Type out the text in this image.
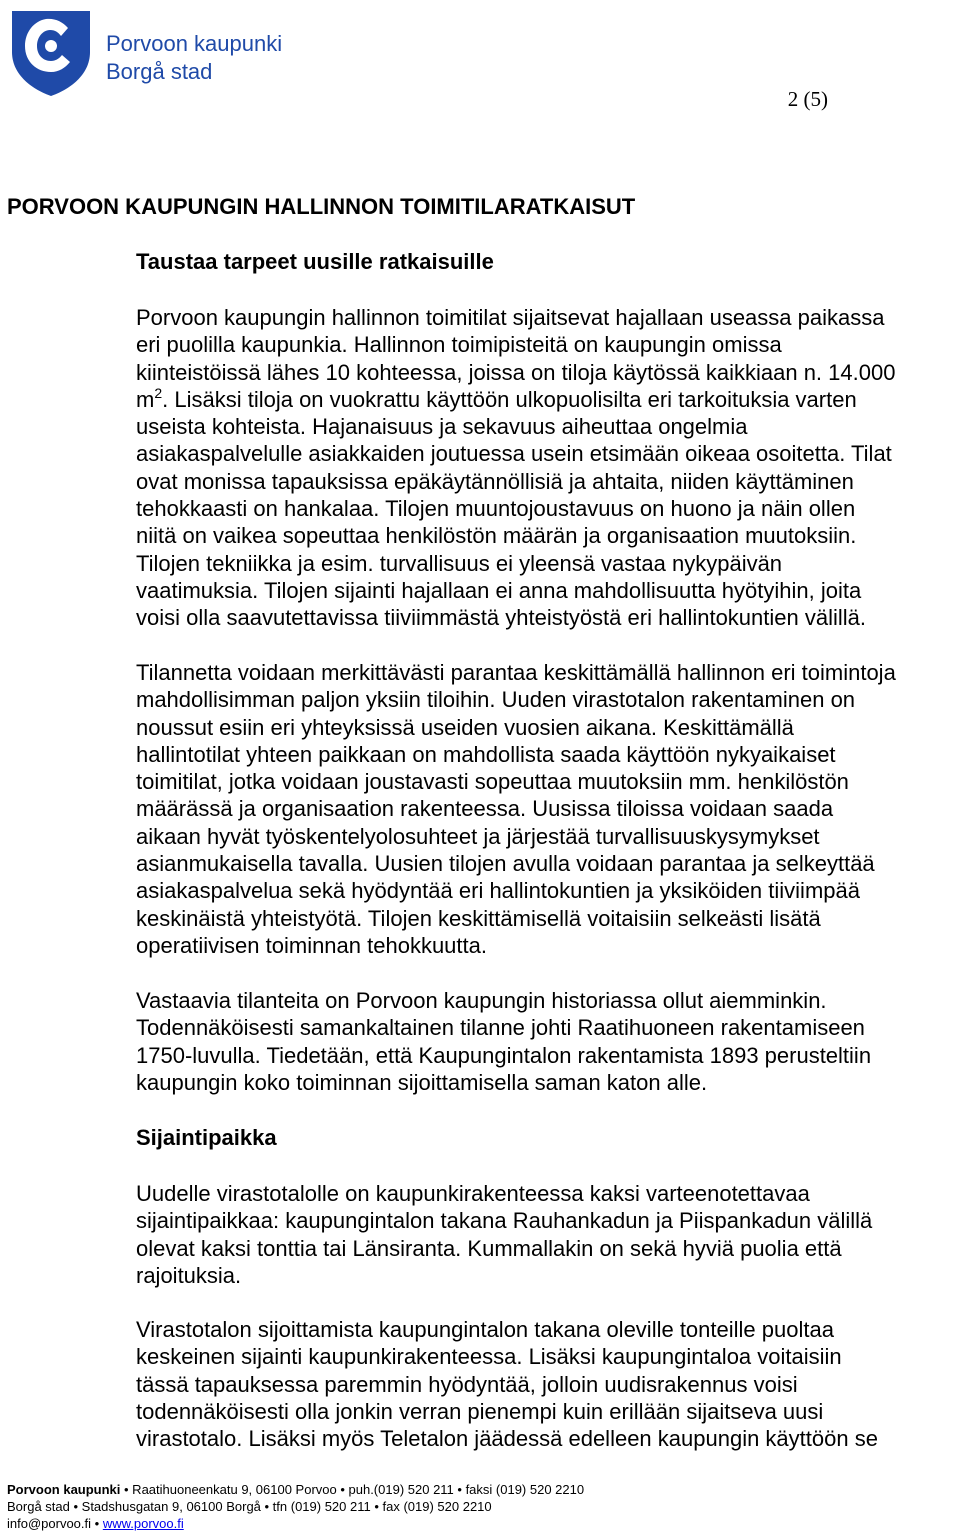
Porvoon kaupunki
Borgå stad
2 (5)
PORVOON KAUPUNGIN HALLINNON TOIMITILARATKAISUT
Taustaa tarpeet uusille ratkaisuille

Porvoon kaupungin hallinnon toimitilat sijaitsevat hajallaan useassa paikassa
eri puolilla kaupunkia. Hallinnon toimipisteitä on kaupungin omissa
kiinteistöissä lähes 10 kohteessa, joissa on tiloja käytössä kaikkiaan n. 14.000
$m^2$. Lisäksi tiloja on vuokrattu käyttöön ulkopuolisilta eri tarkoituksia varten
useista kohteista. Hajanaisuus ja sekavuus aiheuttaa ongelmia
asiakaspalvelulle asiakkaiden joutuessa usein etsimään oikeaa osoitetta. Tilat
ovat monissa tapauksissa epäkäytännöllisiä ja ahtaita, niiden käyttäminen
tehokkaasti on hankalaa. Tilojen muuntojoustavuus on huono ja näin ollen
niitä on vaikea sopeuttaa henkilöstön määrän ja organisaation muutoksiin.
Tilojen tekniikka ja esim. turvallisuus ei yleensä vastaa nykypäivän
vaatimuksia. Tilojen sijainti hajallaan ei anna mahdollisuutta hyötyihin, joita
voisi olla saavutettavissa tiiviimmästä yhteistyöstä eri hallintokuntien välillä.

Tilannetta voidaan merkittävästi parantaa keskittämällä hallinnon eri toimintoja
mahdollisimman paljon yksiin tiloihin. Uuden virastotalon rakentaminen on
noussut esiin eri yhteyksissä useiden vuosien aikana. Keskittämällä
hallintotilat yhteen paikkaan on mahdollista saada käyttöön nykyaikaiset
toimitilat, jotka voidaan joustavasti sopeuttaa muutoksiin mm. henkilöstön
määrässä ja organisaation rakenteessa. Uusissa tiloissa voidaan saada
aikaan hyvät työskentelyolosuhteet ja järjestää turvallisuuskysymykset
asianmukaisella tavalla. Uusien tilojen avulla voidaan parantaa ja selkeyttää
asiakaspalvelua sekä hyödyntää eri hallintokuntien ja yksiköiden tiiviimpää
keskinäistä yhteistyötä. Tilojen keskittämisellä voitaisiin selkeästi lisätä
operatiivisen toiminnan tehokkuutta.

Vastaavia tilanteita on Porvoon kaupungin historiassa ollut aiemminkin.
Todennäköisesti samankaltainen tilanne johti Raatihuoneen rakentamiseen
1750-luvulla. Tiedetään, että Kaupungintalon rakentamista 1893 perusteltiin
kaupungin koko toiminnan sijoittamisella saman katon alle.

Sijaintipaikka

Uudelle virastotalolle on kaupunkirakenteessa kaksi varteenotettavaa
sijaintipaikkaa: kaupungintalon takana Rauhankadun ja Piispankadun välillä
olevat kaksi tonttia tai Länsiranta. Kummallakin on sekä hyviä puolia että
rajoituksia.

Virastotalon sijoittamista kaupungintalon takana oleville tonteille puoltaa
keskeinen sijainti kaupunkirakenteessa. Lisäksi kaupungintaloa voitaisiin
tässä tapauksessa paremmin hyödyntää, jolloin uudisrakennus voisi
todennäköisesti olla jonkin verran pienempi kuin erillään sijaitseva uusi
virastotalo. Lisäksi myös Teletalon jäädessä edelleen kaupungin käyttöön se

Porvoon kaupunki • Raatihuoneenkatu 9, 06100 Porvoo • puh.(019) 520 211 • faksi (019) 520 2210
Borgå stad • Stadshusgatan 9, 06100 Borgå • tfn (019) 520 211 • fax (019) 520 2210
info@porvoo.fi • www.porvoo.fi
